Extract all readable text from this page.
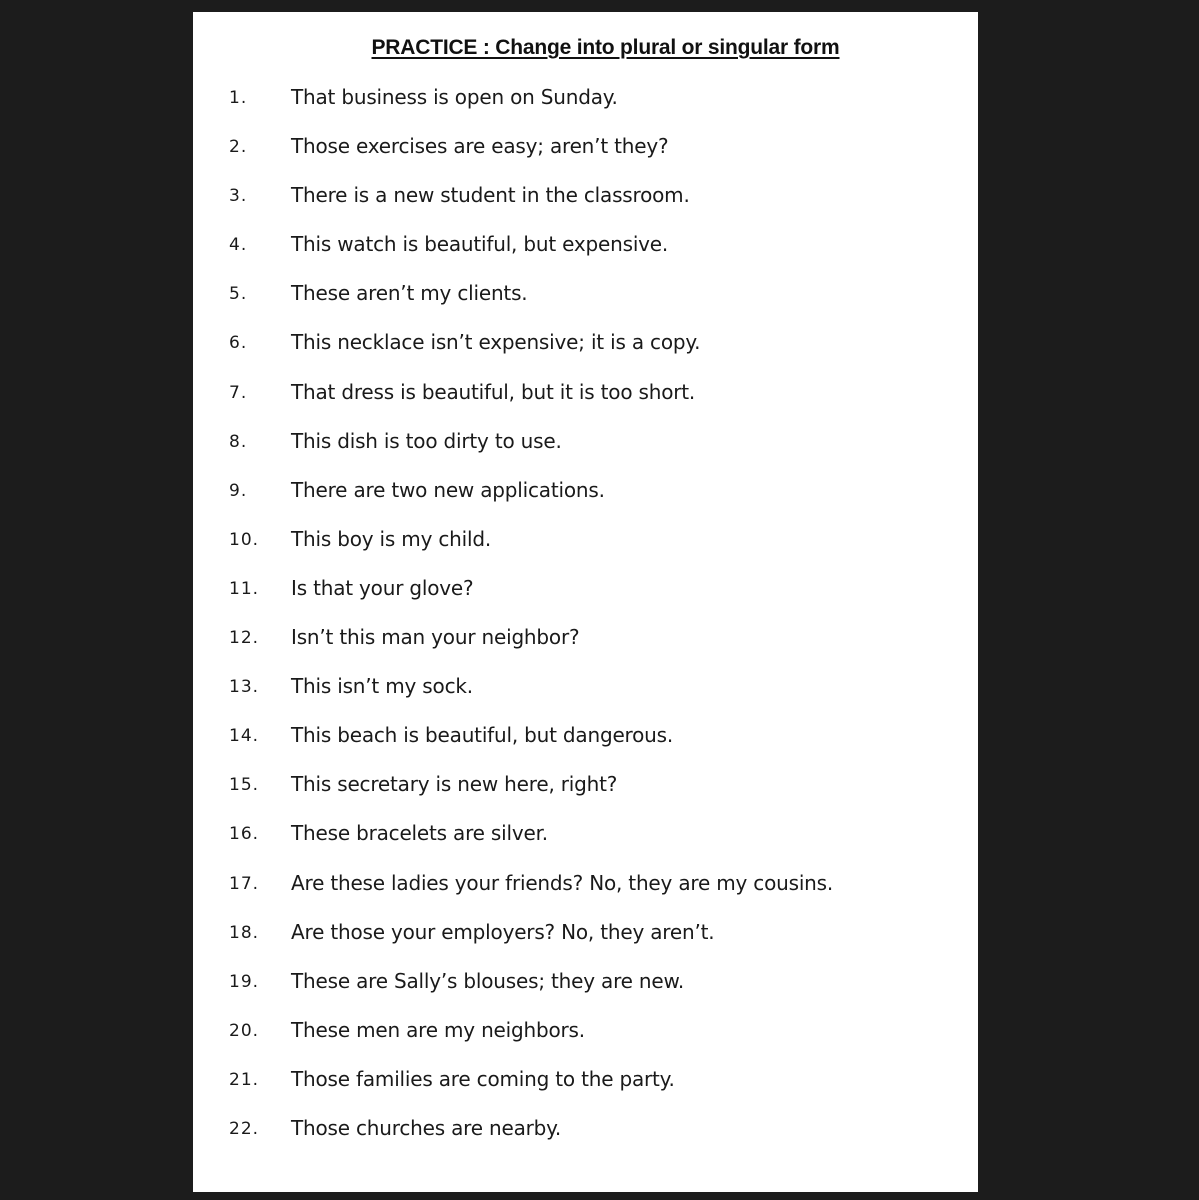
PRACTICE : Change into plural or singular form
1. That business is open on Sunday.
2. Those exercises are easy; aren’t they?
3. There is a new student in the classroom.
4. This watch is beautiful, but expensive.
5. These aren’t my clients.
6. This necklace isn’t expensive; it is a copy.
7. That dress is beautiful, but it is too short.
8. This dish is too dirty to use.
9. There are two new applications.
10. This boy is my child.
11. Is that your glove?
12. Isn’t this man your neighbor?
13. This isn’t my sock.
14. This beach is beautiful, but dangerous.
15. This secretary is new here, right?
16. These bracelets are silver.
17. Are these ladies your friends? No, they are my cousins.
18. Are those your employers? No, they aren’t.
19. These are Sally’s blouses; they are new.
20. These men are my neighbors.
21. Those families are coming to the party.
22. Those churches are nearby.
